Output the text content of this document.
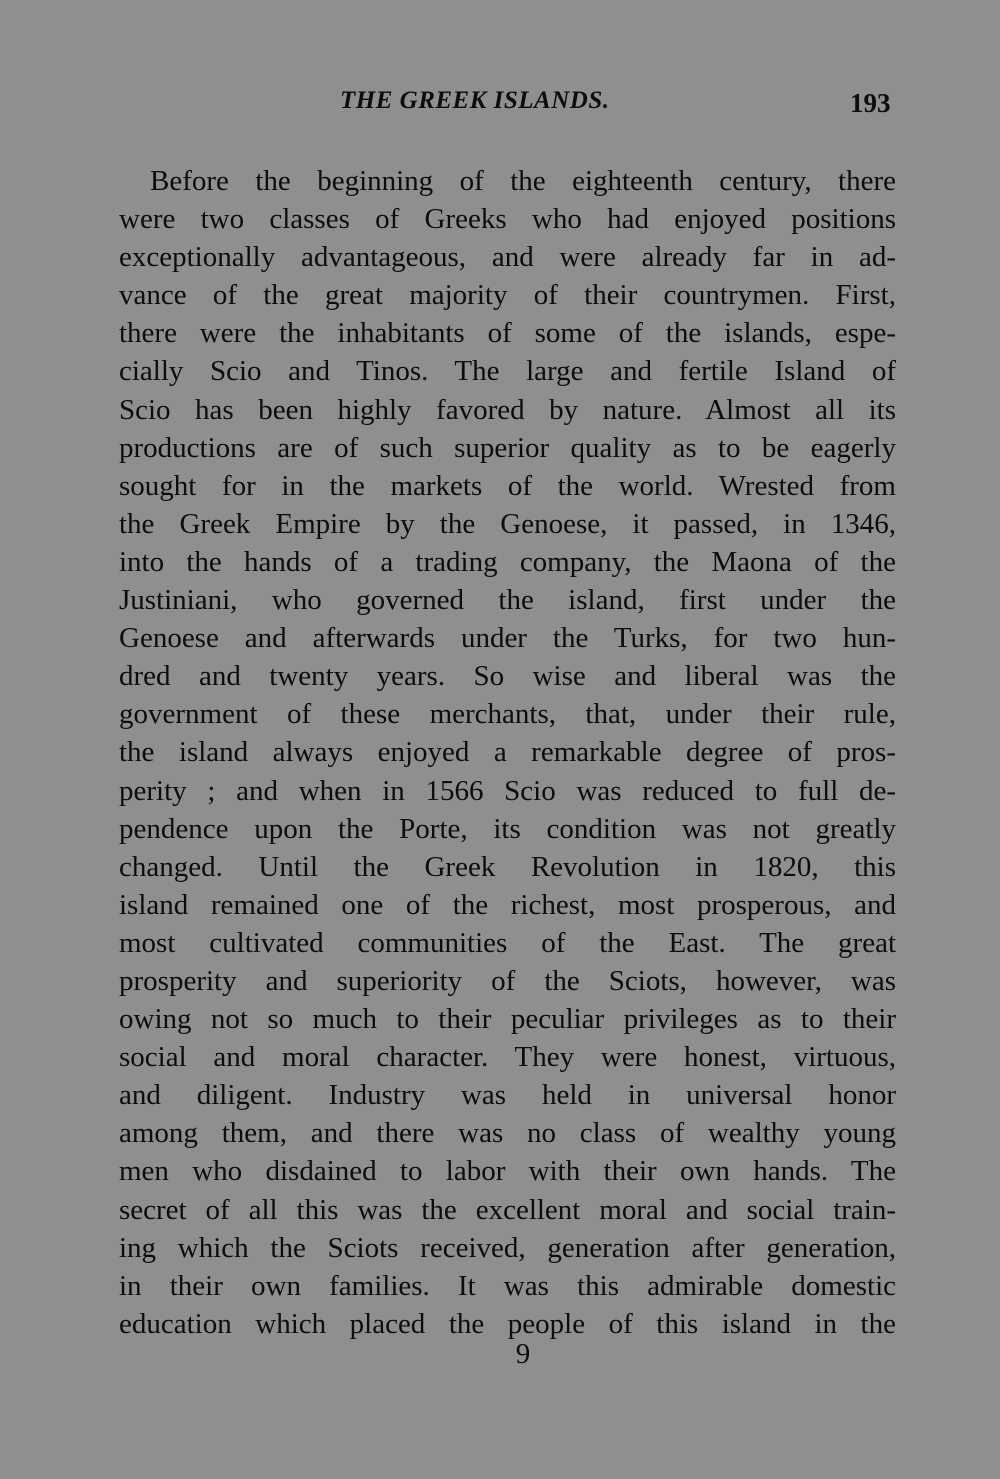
THE GREEK ISLANDS.	193
Before the beginning of the eighteenth century, there
were two classes of Greeks who had enjoyed positions
exceptionally advantageous, and were already far in ad-
vance of the great majority of their countrymen. First,
there were the inhabitants of some of the islands, espe-
cially Scio and Tinos. The large and fertile Island of
Scio has been highly favored by nature. Almost all its
productions are of such superior quality as to be eagerly
sought for in the markets of the world. Wrested from
the Greek Empire by the Genoese, it passed, in 1346,
into the hands of a trading company, the Maona of the
Justiniani, who governed the island, first under the
Genoese and afterwards under the Turks, for two hun-
dred and twenty years. So wise and liberal was the
government of these merchants, that, under their rule,
the island always enjoyed a remarkable degree of pros-
perity ; and when in 1566 Scio was reduced to full de-
pendence upon the Porte, its condition was not greatly
changed. Until the Greek Revolution in 1820, this
island remained one of the richest, most prosperous, and
most cultivated communities of the East. The great
prosperity and superiority of the Sciots, however, was
owing not so much to their peculiar privileges as to their
social and moral character. They were honest, virtuous,
and diligent. Industry was held in universal honor
among them, and there was no class of wealthy young
men who disdained to labor with their own hands. The
secret of all this was the excellent moral and social train-
ing which the Sciots received, generation after generation,
in their own families. It was this admirable domestic
education which placed the people of this island in the
9
